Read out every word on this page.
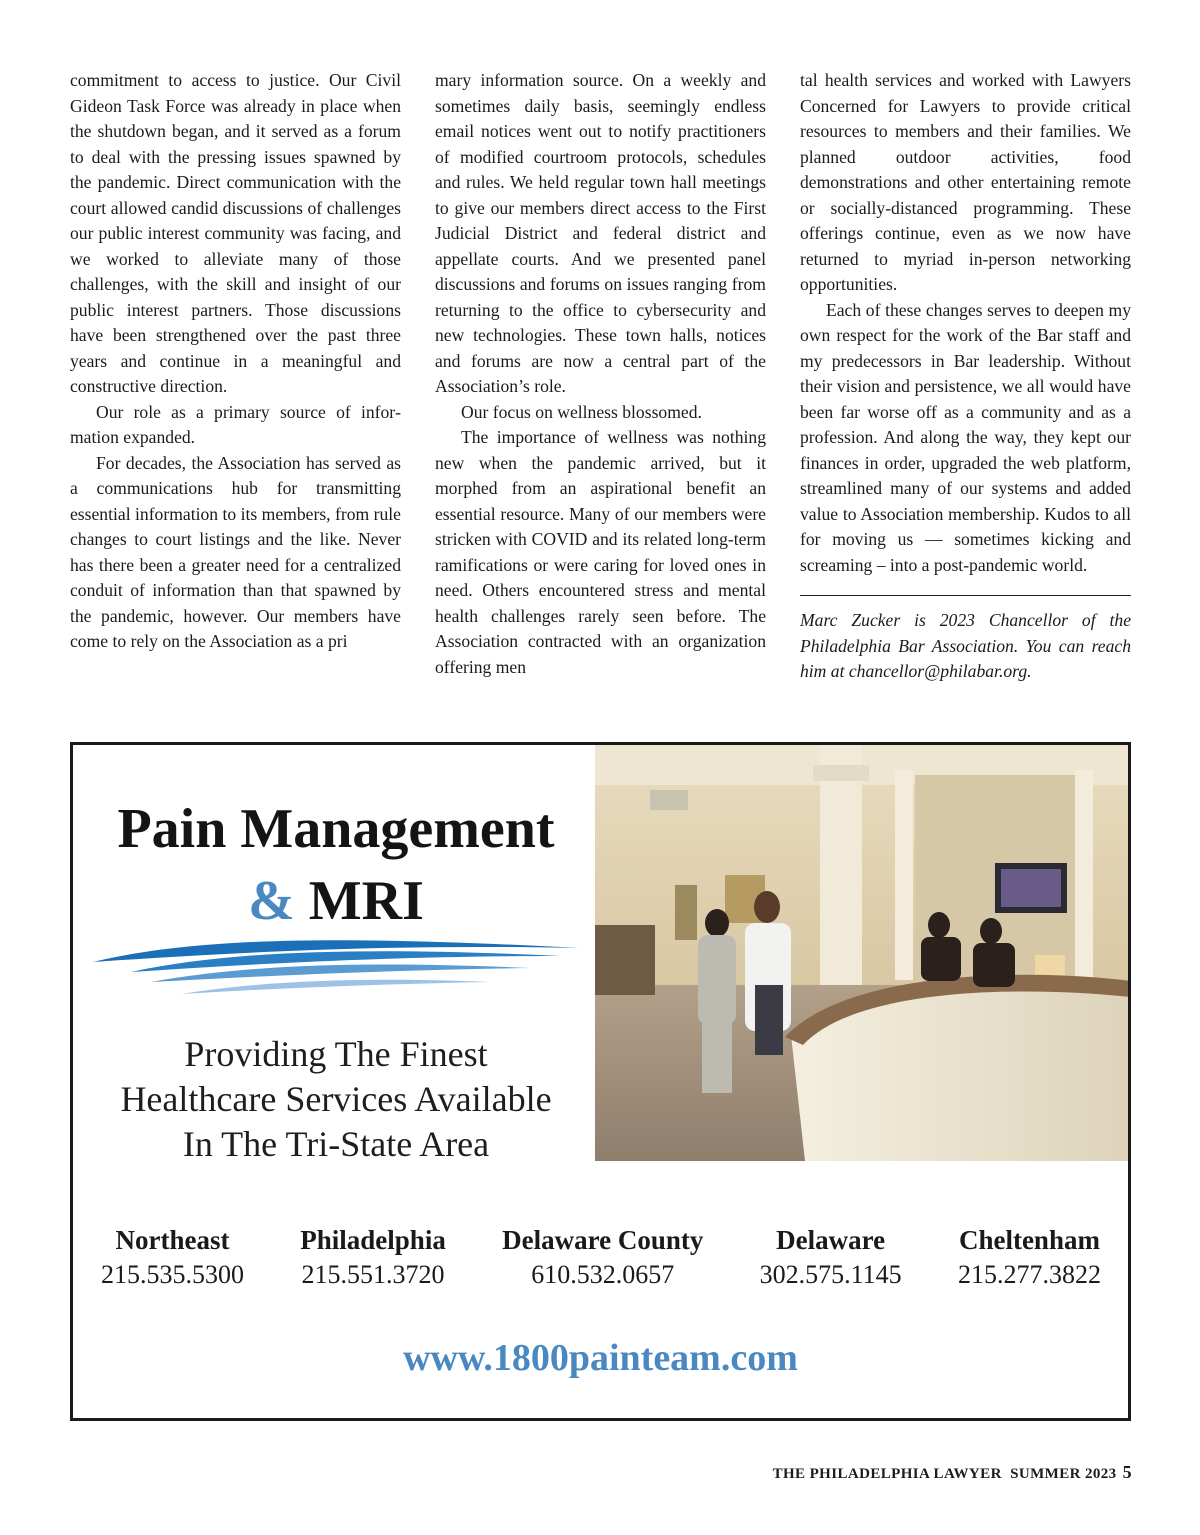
commitment to access to justice. Our Civil Gideon Task Force was already in place when the shutdown began, and it served as a forum to deal with the pressing issues spawned by the pandemic. Direct communication with the court allowed candid discussions of challenges our public interest community was facing, and we worked to alleviate many of those challenges, with the skill and insight of our public interest partners. Those discussions have been strengthened over the past three years and continue in a meaningful and constructive direction.

Our role as a primary source of information expanded.

For decades, the Association has served as a communications hub for transmitting essential information to its members, from rule changes to court listings and the like. Never has there been a greater need for a centralized conduit of information than that spawned by the pandemic, however. Our members have come to rely on the Association as a pri

mary information source. On a weekly and sometimes daily basis, seemingly endless email notices went out to notify practitioners of modified courtroom protocols, schedules and rules. We held regular town hall meetings to give our members direct access to the First Judicial District and federal district and appellate courts. And we presented panel discussions and forums on issues ranging from returning to the office to cybersecurity and new technologies. These town halls, notices and forums are now a central part of the Association’s role.

Our focus on wellness blossomed.

The importance of wellness was nothing new when the pandemic arrived, but it morphed from an aspirational benefit an essential resource. Many of our members were stricken with COVID and its related long-term ramifications or were caring for loved ones in need. Others encountered stress and mental health challenges rarely seen before. The Association contracted with an organization offering men

tal health services and worked with Lawyers Concerned for Lawyers to provide critical resources to members and their families. We planned outdoor activities, food demonstrations and other entertaining remote or socially-distanced programming. These offerings continue, even as we now have returned to myriad in-person networking opportunities.

Each of these changes serves to deepen my own respect for the work of the Bar staff and my predecessors in Bar leadership. Without their vision and persistence, we all would have been far worse off as a community and as a profession. And along the way, they kept our finances in order, upgraded the web platform, streamlined many of our systems and added value to Association membership. Kudos to all for moving us — sometimes kicking and screaming – into a post-pandemic world.

Marc Zucker is 2023 Chancellor of the Philadelphia Bar Association. You can reach him at chancellor@philabar.org.

Pain Management
& MRI
Providing The Finest
Healthcare Services Available
In The Tri-State Area
Northeast
215.535.5300
Philadelphia
215.551.3720
Delaware County
610.532.0657
Delaware
302.575.1145
Cheltenham
215.277.3822
www.1800painteam.com
THE PHILADELPHIA LAWYER  SUMMER 2023 5
